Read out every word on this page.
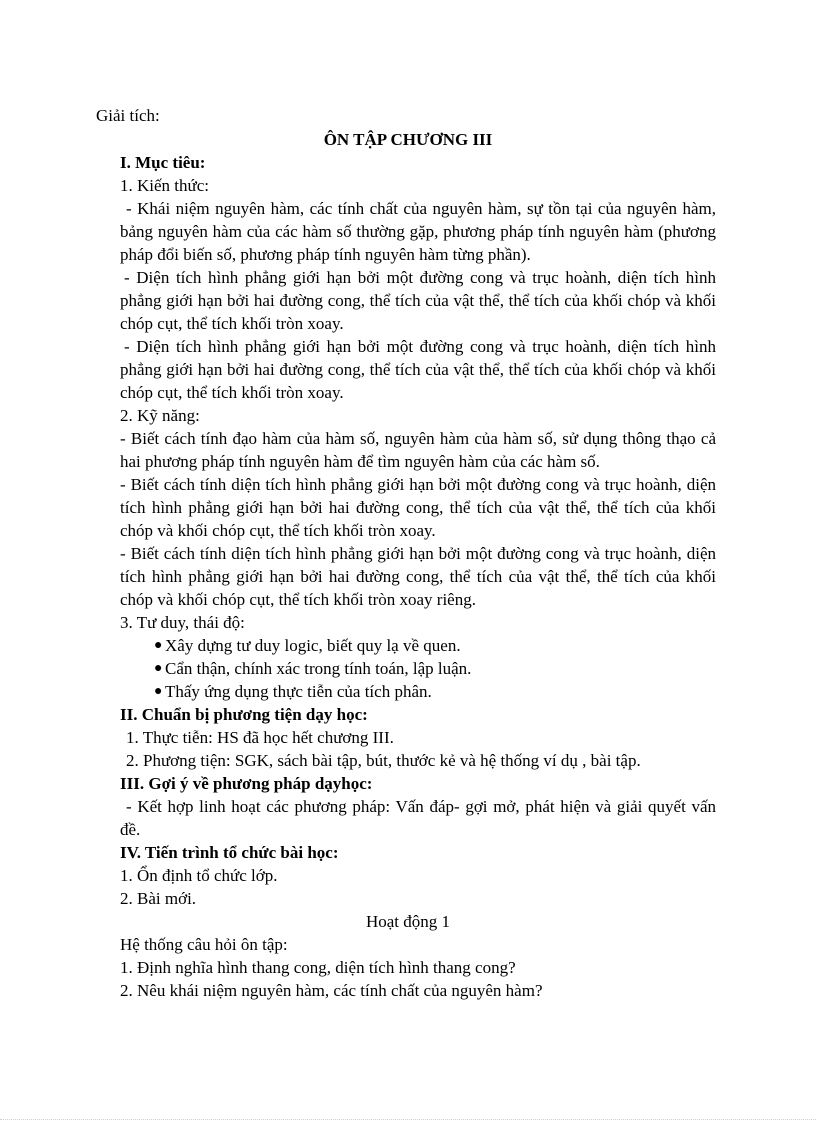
Giải tích:

ÔN TẬP CHƯƠNG III

I. Mục tiêu:

1. Kiến thức:

- Khái niệm nguyên hàm, các tính chất của nguyên hàm, sự tồn tại của nguyên hàm, bảng nguyên hàm của các hàm số thường gặp, phương pháp tính nguyên hàm (phương pháp đổi biến số, phương pháp tính nguyên hàm từng phần).

- Diện tích hình phẳng giới hạn bởi một đường cong và trục hoành, diện tích hình phẳng giới hạn bởi hai đường cong, thể tích của vật thể, thể tích của khối chóp và khối chóp cụt, thể tích khối tròn xoay.

- Diện tích hình phẳng giới hạn bởi một đường cong và trục hoành, diện tích hình phẳng giới hạn bởi hai đường cong, thể tích của vật thể, thể tích của khối chóp và khối chóp cụt, thể tích khối tròn xoay.

2. Kỹ năng:

- Biết cách tính đạo hàm của hàm số, nguyên hàm của hàm số, sử dụng thông thạo cả hai phương pháp tính nguyên hàm để tìm nguyên hàm của các hàm số.

- Biết cách tính diện tích hình phẳng giới hạn bởi một đường cong và trục hoành, diện tích hình phẳng giới hạn bởi hai đường cong, thể tích của vật thể, thể tích của khối chóp và khối chóp cụt, thể tích khối tròn xoay.

- Biết cách tính diện tích hình phẳng giới hạn bởi một đường cong và trục hoành, diện tích hình phẳng giới hạn bởi hai đường cong, thể tích của vật thể, thể tích của khối chóp và khối chóp cụt, thể tích khối tròn xoay riêng.

3. Tư duy, thái độ:

● Xây dựng tư duy logic, biết quy lạ về quen.
● Cẩn thận, chính xác trong tính toán, lập luận.
● Thấy ứng dụng thực tiễn của tích phân.

II. Chuẩn bị phương tiện dạy học:

1. Thực tiễn: HS đã học hết chương III.

2. Phương tiện: SGK, sách bài tập, bút, thước kẻ và hệ thống ví dụ , bài tập.

III. Gợi ý về phương pháp dạyhọc:

- Kết hợp linh hoạt các phương pháp: Vấn đáp- gợi mở, phát hiện và giải quyết vấn đề.

IV. Tiến trình tổ chức bài học:

1. Ổn định tổ chức lớp.

2. Bài mới.

Hoạt động 1

Hệ thống câu hỏi ôn tập:

1. Định nghĩa hình thang cong, diện tích hình thang cong?

2. Nêu khái niệm nguyên hàm, các tính chất của nguyên hàm?
